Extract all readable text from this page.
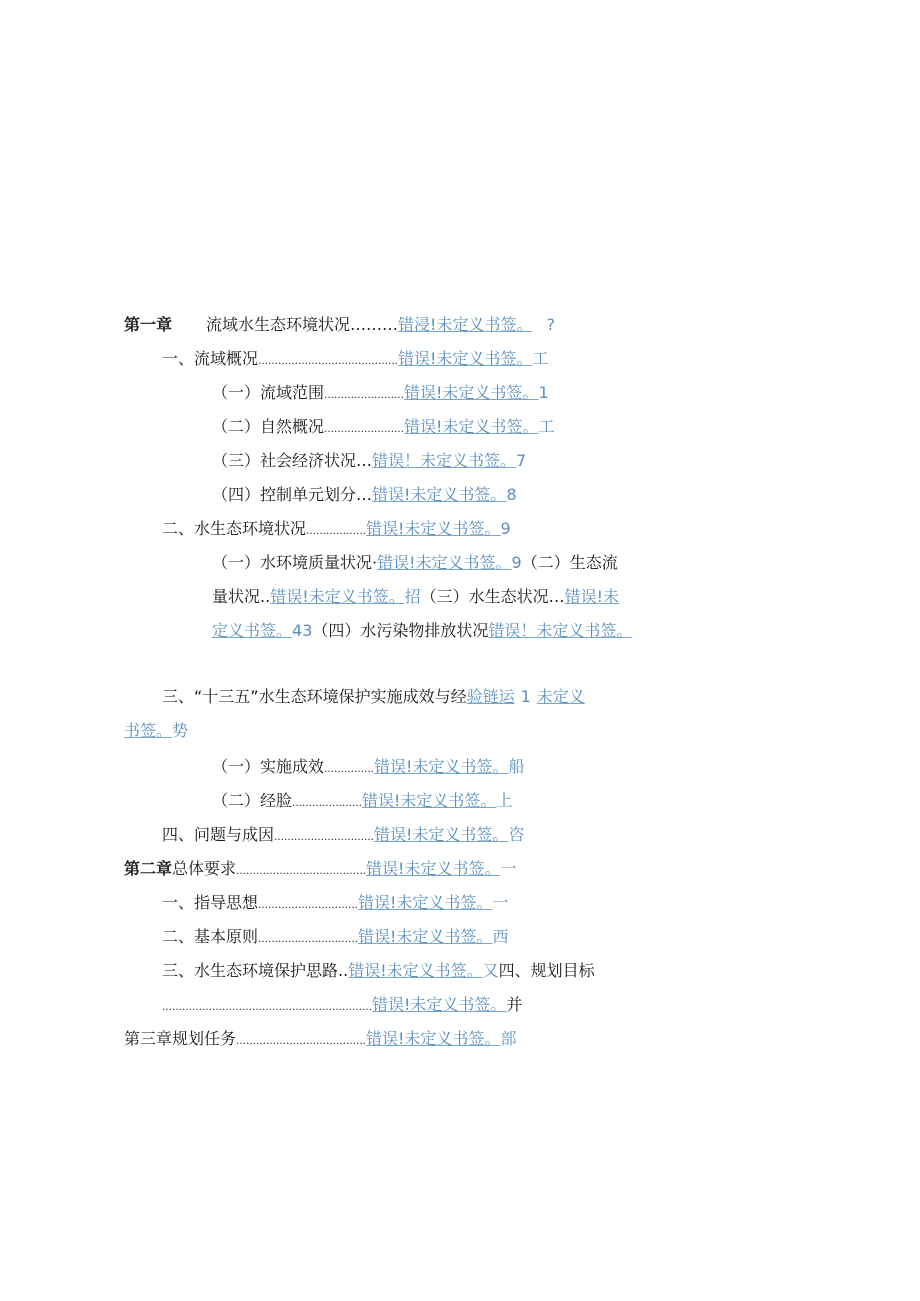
第一章 流域水生态环境状况………错浸!未定义书签。 ?
一、流域概况……………………………………错误!未定义书签。工
（一）流域范围……………………错误!未定义书签。1
（二）自然概况……………………错误!未定义书签。工
（三）社会经济状况…错误！未定义书签。7
（四）控制单元划分…错误!未定义书签。8
二、水生态环境状况………………错误!未定义书签。9
（一）水环境质量状况·错误!未定义书签。9（二）生态流
量状况..错误!未定义书签。招（三）水生态状况…错误!未
定义书签。43（四）水污染物排放状况错误！未定义书签。
三、“十三五”水生态环境保护实施成效与经验链运 1 未定义
书签。势
（一）实施成效……………错误!未定义书签。船
（二）经脸…………………错误!未定义书签。上
四、问题与成因…………………………错误!未定义书签。咨
第二章总体要求…………………………………错误!未定义书签。一
一、指导思想…………………………错误!未定义书签。一
二、基本原则…………………………错误!未定义书签。西
三、水生态环境保护思路..错误!未定义书签。又四、规划目标
………………………………………………………错误!未定义书签。并
第三章规划任务…………………………………错误!未定义书签。部
